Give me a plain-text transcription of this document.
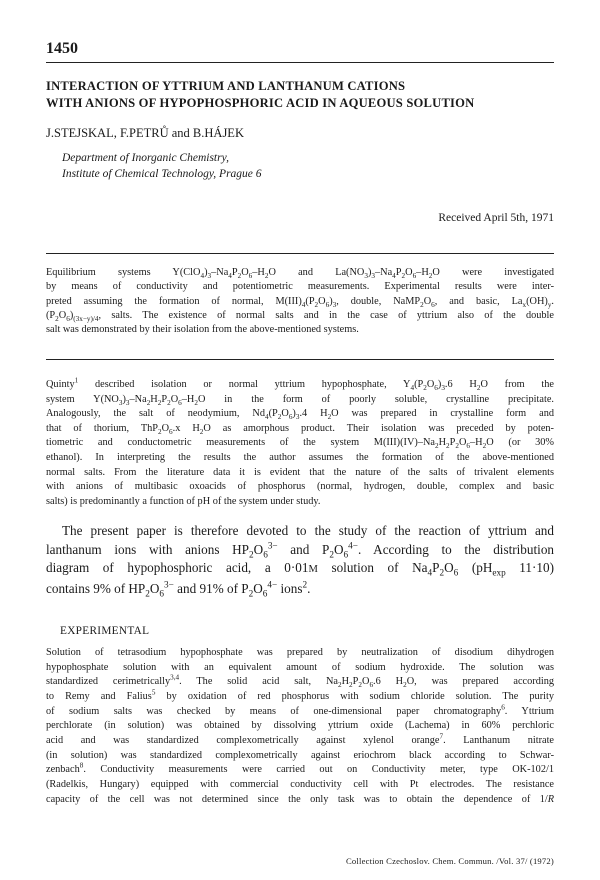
1450
INTERACTION OF YTTRIUM AND LANTHANUM CATIONS
WITH ANIONS OF HYPOPHOSPHORIC ACID IN AQUEOUS SOLUTION
J.STEJSKAL, F.PETRŮ and B.HÁJEK
Department of Inorganic Chemistry,
Institute of Chemical Technology, Prague 6
Received April 5th, 1971
Equilibrium systems $Y(ClO_4)_3-Na_4P_2O_6-H_2O$ and $La(NO_3)_3-Na_4P_2O_6-H_2O$ were investigated
by means of conductivity and potentiometric measurements. Experimental results were inter-
preted assuming the formation of normal, $M(III)_4(P_2O_6)_3$, double, $NaMP_2O_6$, and basic, $La_x(OH)_y$.
$(P_2O_6)_{(3x-y)/4}$, salts. The existence of normal salts and in the case of yttrium also of the double
salt was demonstrated by their isolation from the above-mentioned systems.

Quinty$^1$ described isolation or normal yttrium hypophosphate, $Y_4(P_2O_6)_3.6$ $H_2O$ from the
system $Y(NO_3)_3-Na_2H_2P_2O_6-H_2O$ in the form of poorly soluble, crystalline precipitate.
Analogously, the salt of neodymium, $Nd_4(P_2O_6)_3.4$ $H_2O$ was prepared in crystalline form and
that of thorium, $ThP_2O_6.x$ $H_2O$ as amorphous product. Their isolation was preceded by poten-
tiometric and conductometric measurements of the system $M(III)(IV)-Na_2H_2P_2O_6-H_2O$ (or 30%
ethanol). In interpreting the results the author assumes the formation of the above-mentioned
normal salts. From the literature data it is evident that the nature of the salts of trivalent elements
with anions of multibasic oxoacids of phosphorus (normal, hydrogen, double, complex and basic
salts) is predominantly a function of pH of the system under study.

The present paper is therefore devoted to the study of the reaction of yttrium and
lanthanum ions with anions $HP_2O_6^{3-}$ and $P_2O_6^{4-}$. According to the distribution
diagram of hypophosphoric acid, a 0·01M solution of $Na_4P_2O_6$ ($pH_{exp}$ 11·10)
contains 9% of $HP_2O_6^{3-}$ and 91% of $P_2O_6^{4-}$ ions$^2$.

EXPERIMENTAL

Solution of tetrasodium hypophosphate was prepared by neutralization of disodium dihydrogen
hypophosphate solution with an equivalent amount of sodium hydroxide. The solution was
standardized cerimetrically$^{3,4}$. The solid acid salt, $Na_2H_2P_2O_6.6$ $H_2O$, was prepared according
to Remy and Falius$^5$ by oxidation of red phosphorus with sodium chloride solution. The purity
of sodium salts was checked by means of one-dimensional paper chromatography$^6$. Yttrium
perchlorate (in solution) was obtained by dissolving yttrium oxide (Lachema) in 60% perchloric
acid and was standardized complexometrically against xylenol orange$^7$. Lanthanum nitrate
(in solution) was standardized complexometrically against eriochrom black according to Schwar-
zenbach$^8$. Conductivity measurements were carried out on Conductivity meter, type OK-102/1
(Radelkis, Hungary) equipped with commercial conductivity cell with Pt electrodes. The resistance
capacity of the cell was not determined since the only task was to obtain the dependence of 1/R

Collection Czechoslov. Chem. Commun. /Vol. 37/ (1972)
